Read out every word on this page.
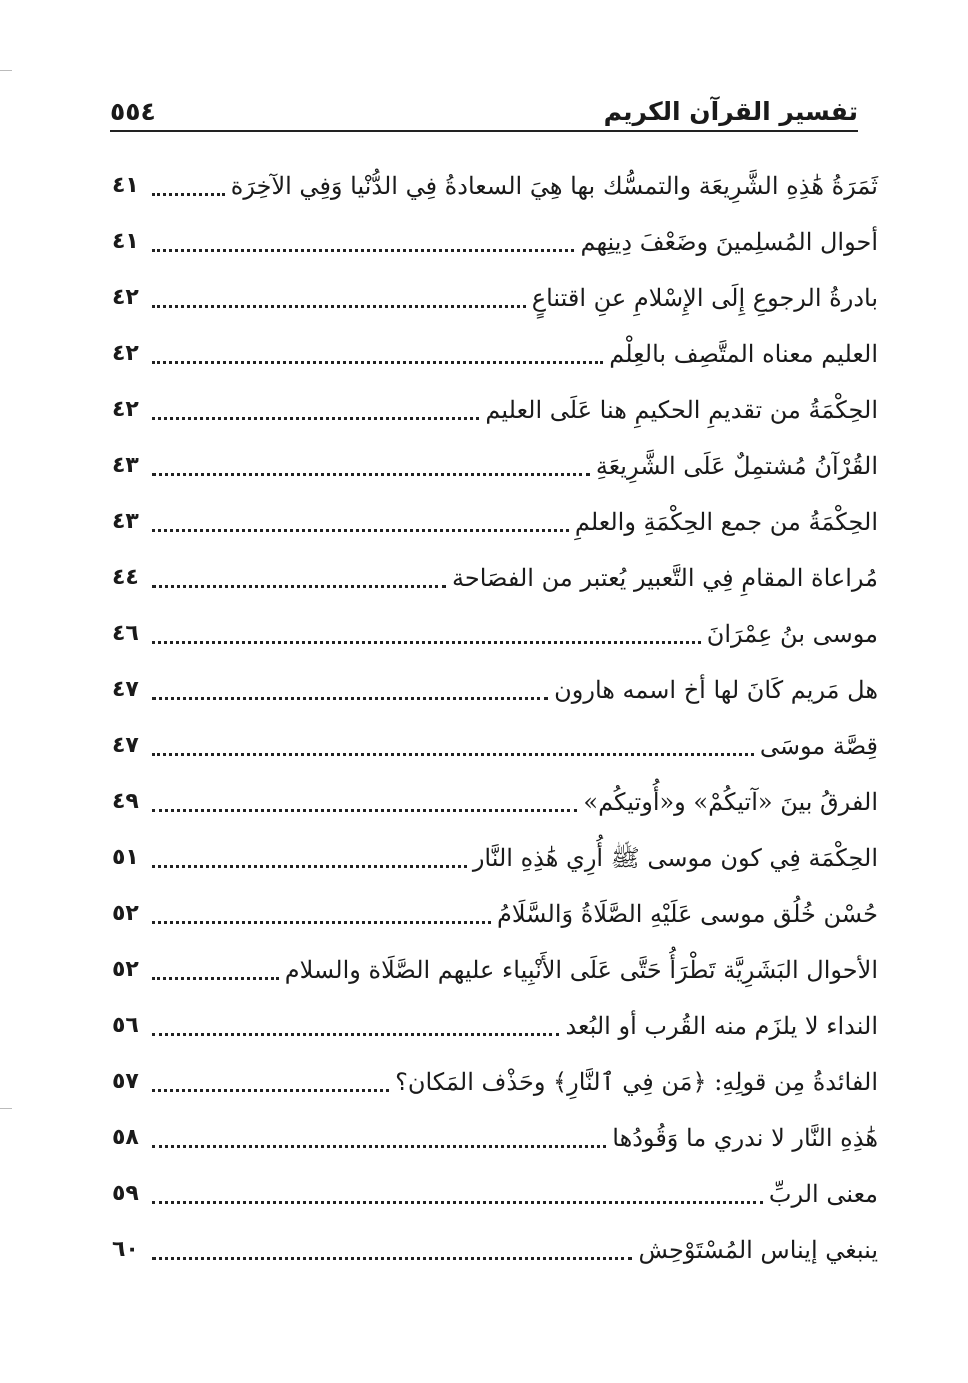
تفسير القرآن الكريم
٥٥٤
ثَمَرَةُ هَٰذِهِ الشَّرِيعَة والتمسُّك بها هِيَ السعادةُ فِي الدُّنْيا وَفِي الآخِرَة
٤١
أحوال المُسلِمينَ وضَعْفَ دِينِهم
٤١
بادرةُ الرجوعِ إِلَى الإِسْلامِ عنِ اقتناعٍ
٤٢
العليم معناه المتَّصِف بالعِلْم
٤٢
الحِكْمَةُ من تقديمِ الحكيمِ هنا عَلَى العليم
٤٢
القُرْآنُ مُشتمِلٌ عَلَى الشَّرِيعَةِ
٤٣
الحِكْمَةُ من جمع الحِكْمَةِ والعلمِ
٤٣
مُراعاة المقامِ فِي التَّعبير يُعتبر من الفصَاحة
٤٤
موسى بنُ عِمْرَانَ
٤٦
هل مَريم كَانَ لها أخ اسمه هارون
٤٧
قِصَّة موسَى
٤٧
الفرقُ بينَ «آتيكُمْ» و«أُوتيكُم»
٤٩
الحِكْمَة فِي كون موسى ﷺ أُرِي هَٰذِهِ النَّار
٥١
حُسْن خُلُق موسى عَلَيْهِ الصَّلَاةُ وَالسَّلَامُ
٥٢
الأحوال البَشَرِيَّة تَطْرَأُ حَتَّى عَلَى الأَنْبِياء عليهم الصَّلَاة والسلام
٥٢
النداء لا يلزَم منه القُرب أو البُعد
٥٦
الفائدةُ مِن قولِهِ: ﴿مَن فِي ٱلنَّارِ﴾ وحَذْف المَكان؟
٥٧
هَٰذِهِ النَّار لا ندري ما وَقُودُها
٥٨
معنى الربِّ
٥٩
ينبغي إيناس المُسْتَوْحِش
٦٠
